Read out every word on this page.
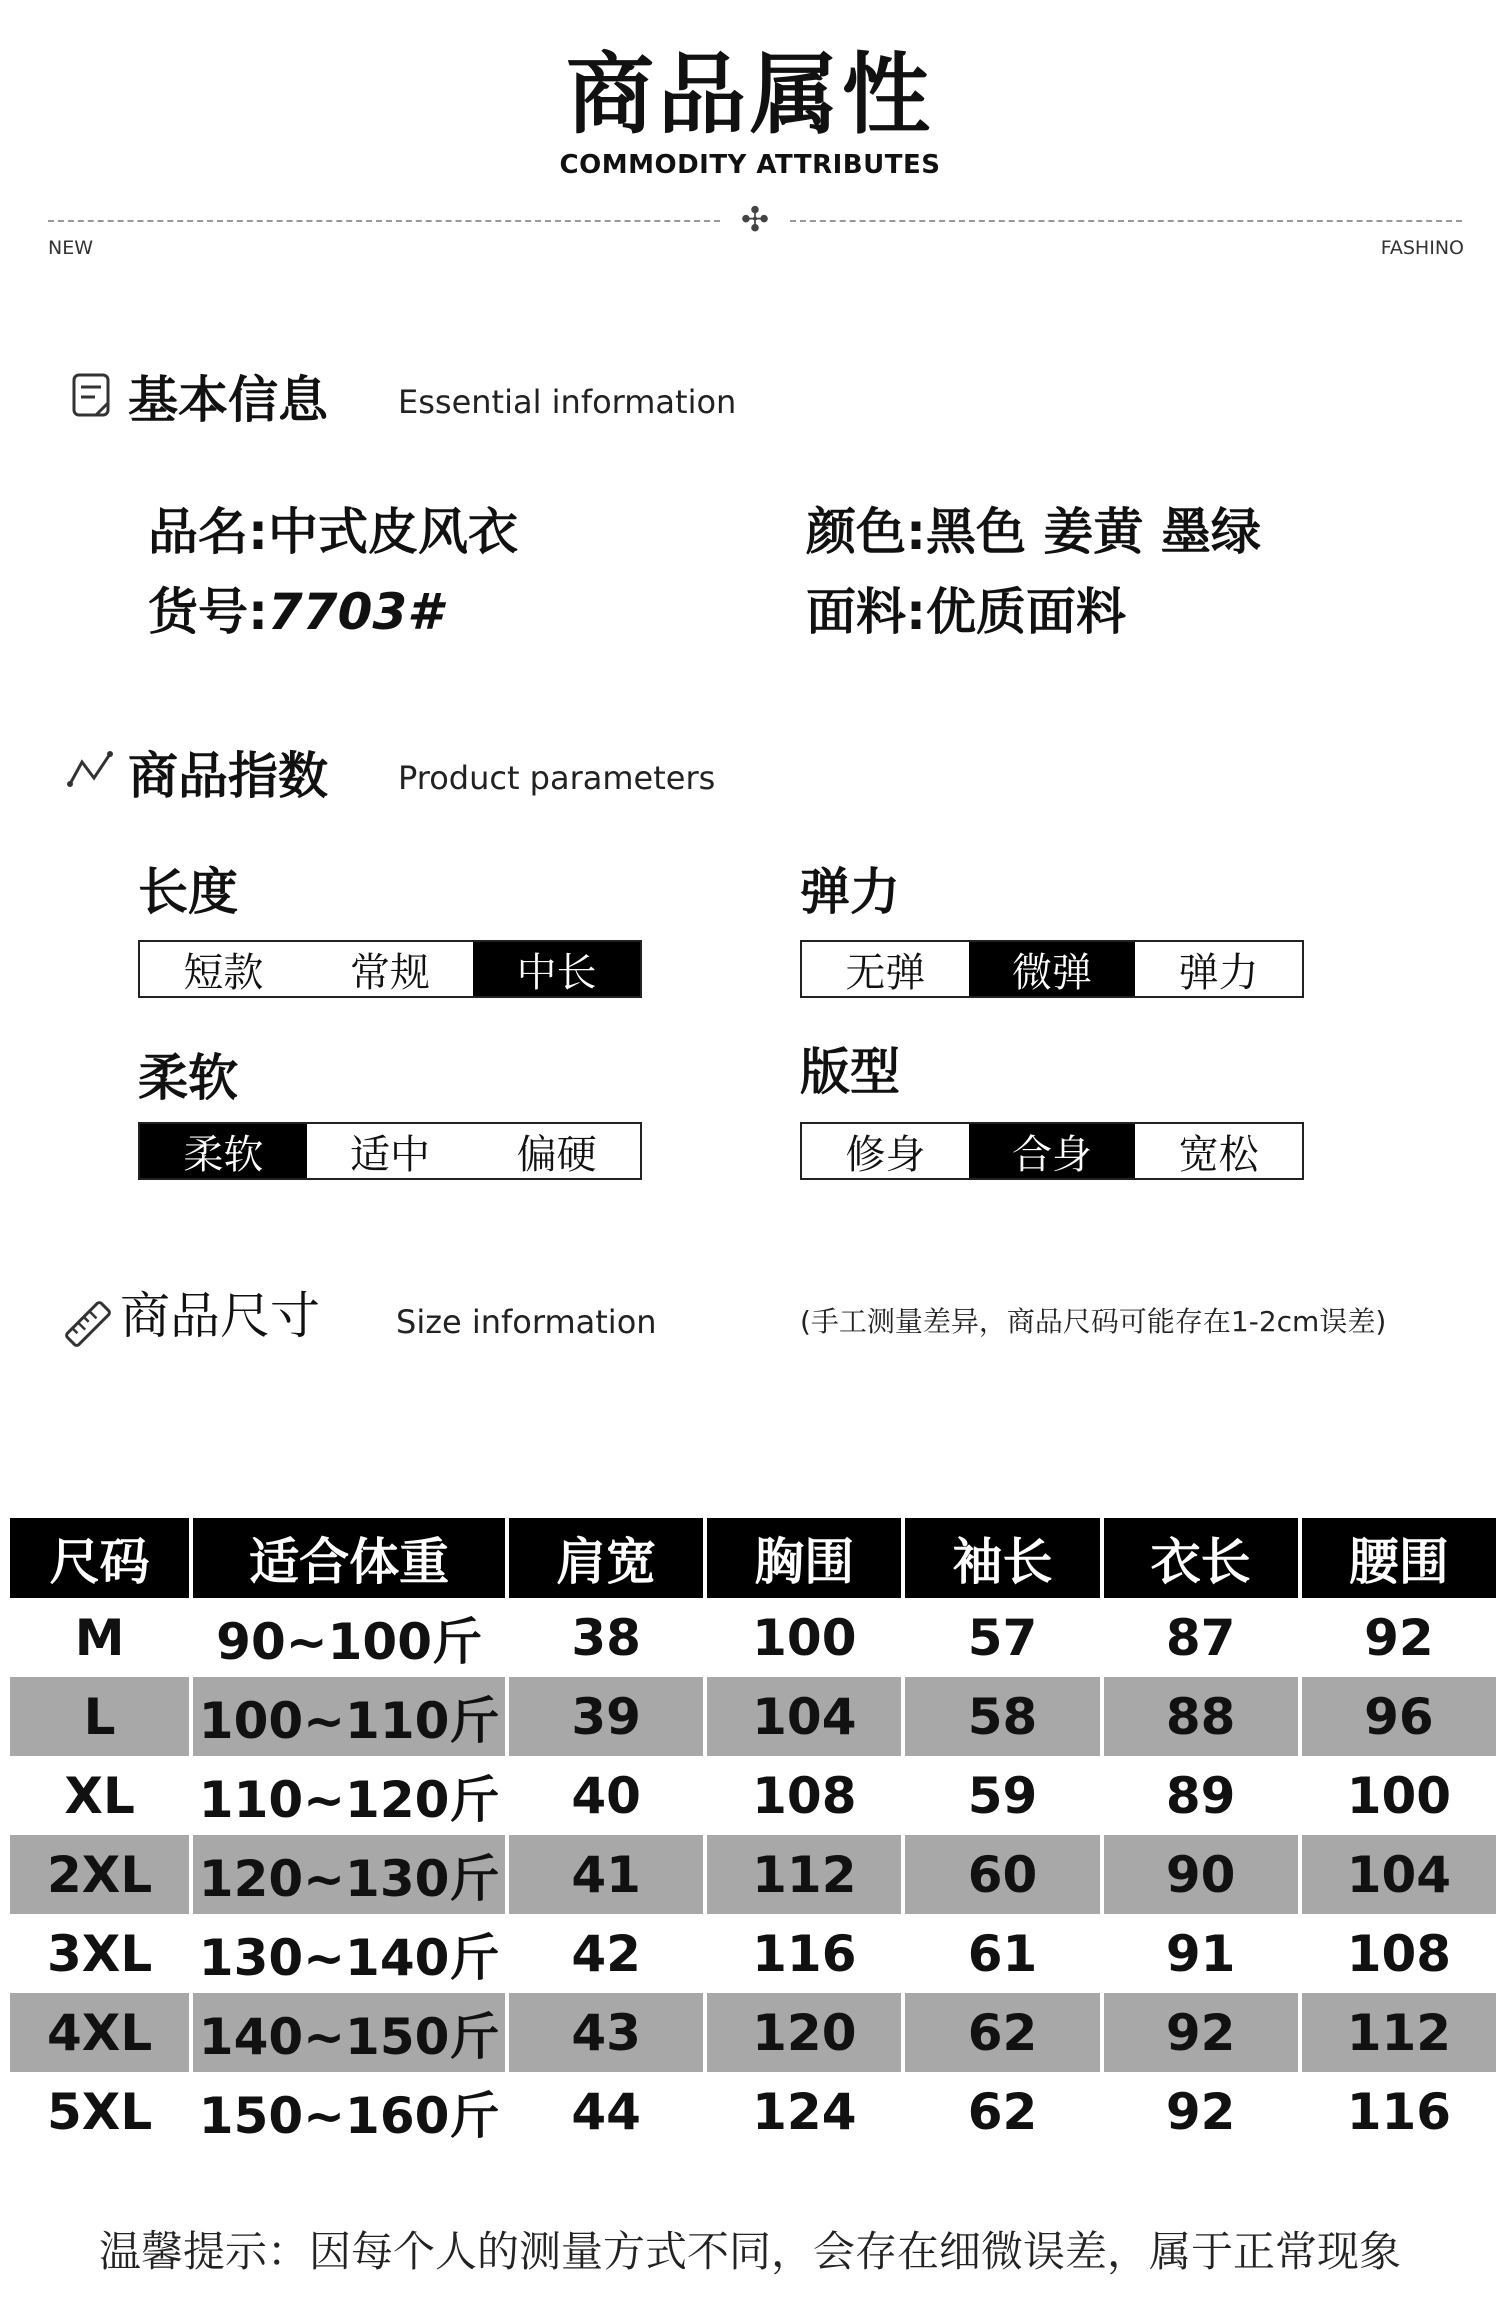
商品属性
COMMODITY ATTRIBUTES
✣
NEW	FASHINO
基本信息 Essential information
品名:中式皮风衣
货号:7703#
颜色:黑色 姜黄 墨绿
面料:优质面料
商品指数 Product parameters
长度
短款	常规	中长
弹力
无弹	微弹	弹力
柔软
柔软	适中	偏硬
版型
修身	合身	宽松
商品尺寸 Size information	(手工测量差异，商品尺码可能存在1-2cm误差)
尺码	适合体重	肩宽	胸围	袖长	衣长	腰围
M	90~100斤	38	100	57	87	92
L	100~110斤	39	104	58	88	96
XL	110~120斤	40	108	59	89	100
2XL	120~130斤	41	112	60	90	104
3XL	130~140斤	42	116	61	91	108
4XL	140~150斤	43	120	62	92	112
5XL	150~160斤	44	124	62	92	116
温馨提示：因每个人的测量方式不同，会存在细微误差，属于正常现象
